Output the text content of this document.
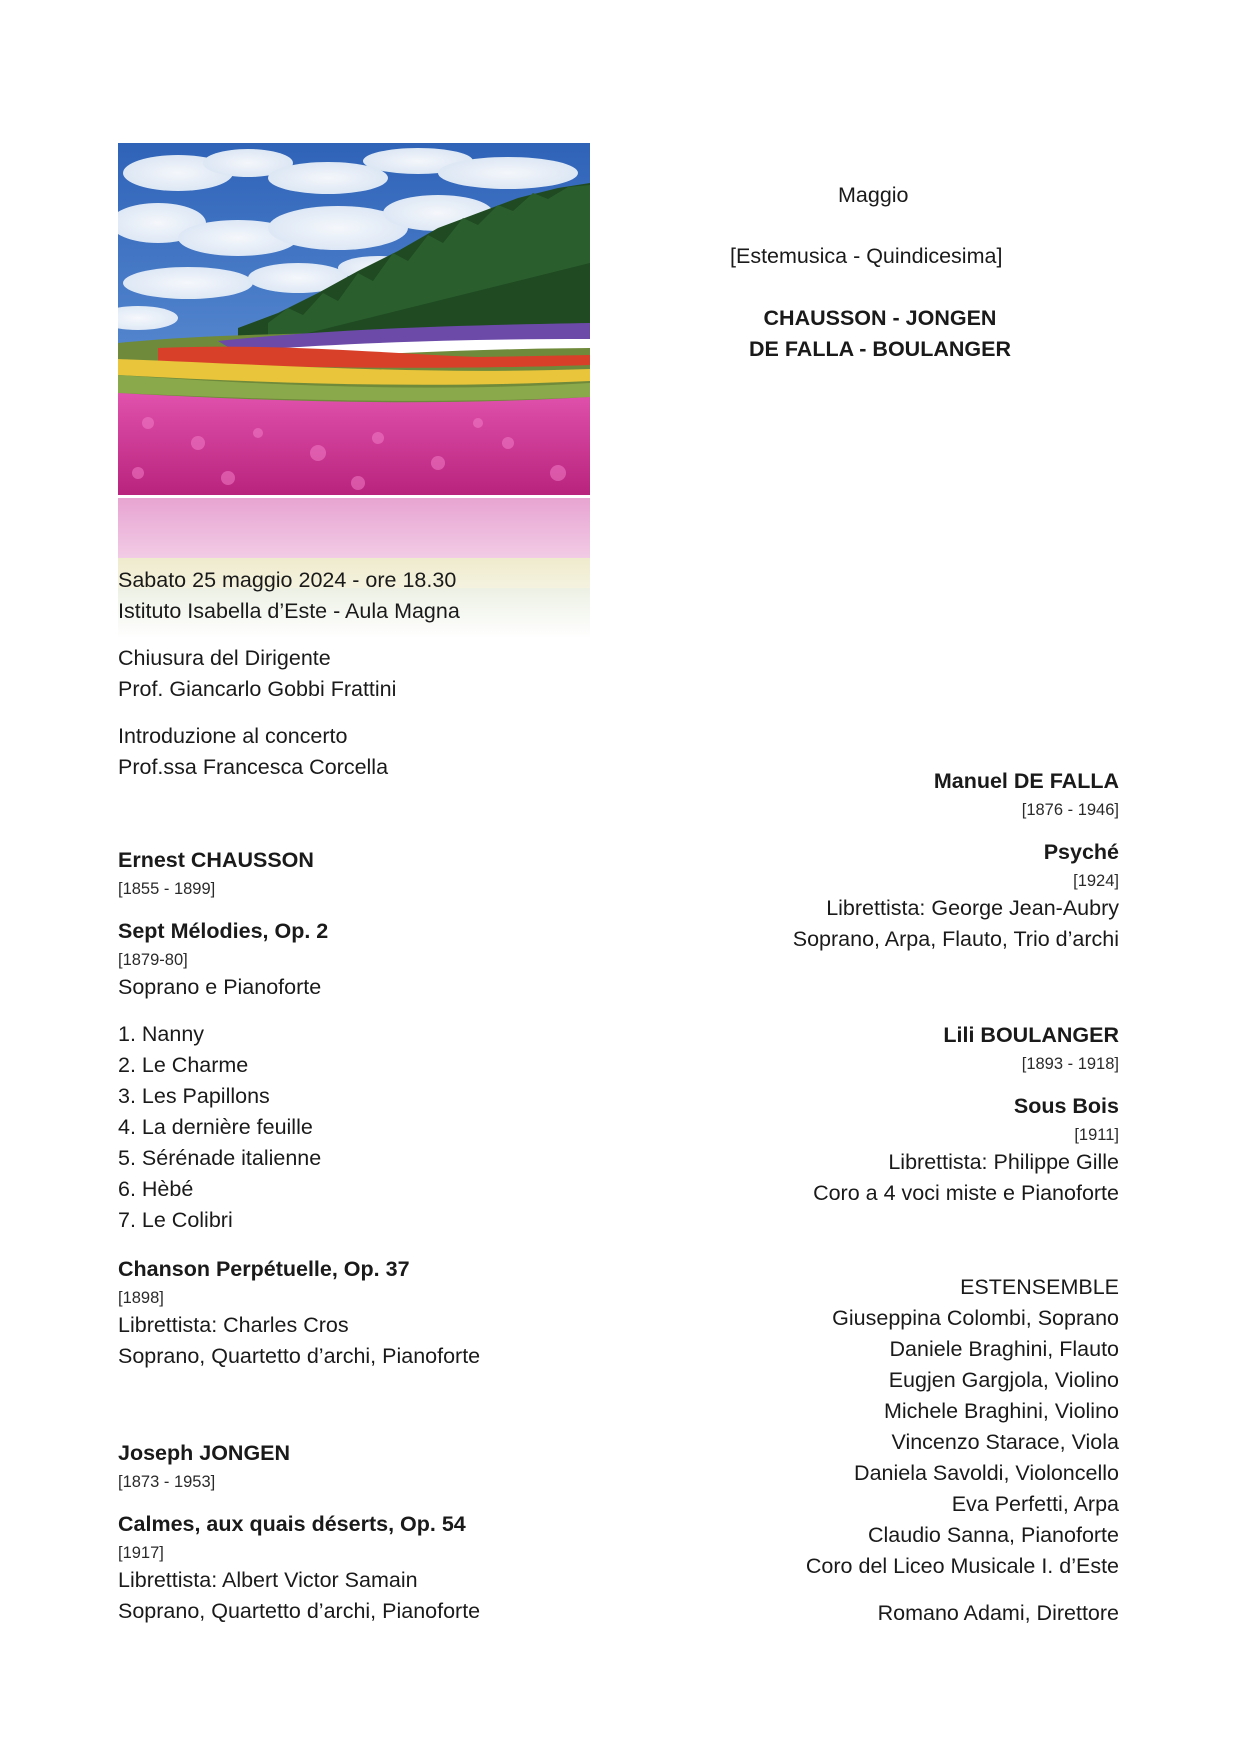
Maggio
[Estemusica - Quindicesima]
CHAUSSON - JONGEN
DE FALLA - BOULANGER
Sabato 25 maggio 2024 - ore 18.30
Istituto Isabella d’Este - Aula Magna
Chiusura del Dirigente
Prof. Giancarlo Gobbi Frattini
Introduzione al concerto
Prof.ssa Francesca Corcella
Ernest CHAUSSON
[1855 - 1899]
Sept Mélodies, Op. 2
[1879-80]
Soprano e Pianoforte
1. Nanny
2. Le Charme
3. Les Papillons
4. La dernière feuille
5. Sérénade italienne
6. Hèbé
7. Le Colibri
Chanson Perpétuelle, Op. 37
[1898]
Librettista: Charles Cros
Soprano, Quartetto d’archi, Pianoforte
Joseph JONGEN
[1873 - 1953]
Calmes, aux quais déserts, Op. 54
[1917]
Librettista: Albert Victor Samain
Soprano, Quartetto d’archi, Pianoforte
Manuel DE FALLA
[1876 - 1946]
Psyché
[1924]
Librettista: George Jean-Aubry
Soprano, Arpa, Flauto, Trio d’archi
Lili BOULANGER
[1893 - 1918]
Sous Bois
[1911]
Librettista: Philippe Gille
Coro a 4 voci miste e Pianoforte
ESTENSEMBLE
Giuseppina Colombi, Soprano
Daniele Braghini, Flauto
Eugjen Gargjola, Violino
Michele Braghini, Violino
Vincenzo Starace, Viola
Daniela Savoldi, Violoncello
Eva Perfetti, Arpa
Claudio Sanna, Pianoforte
Coro del Liceo Musicale I. d’Este
Romano Adami, Direttore
